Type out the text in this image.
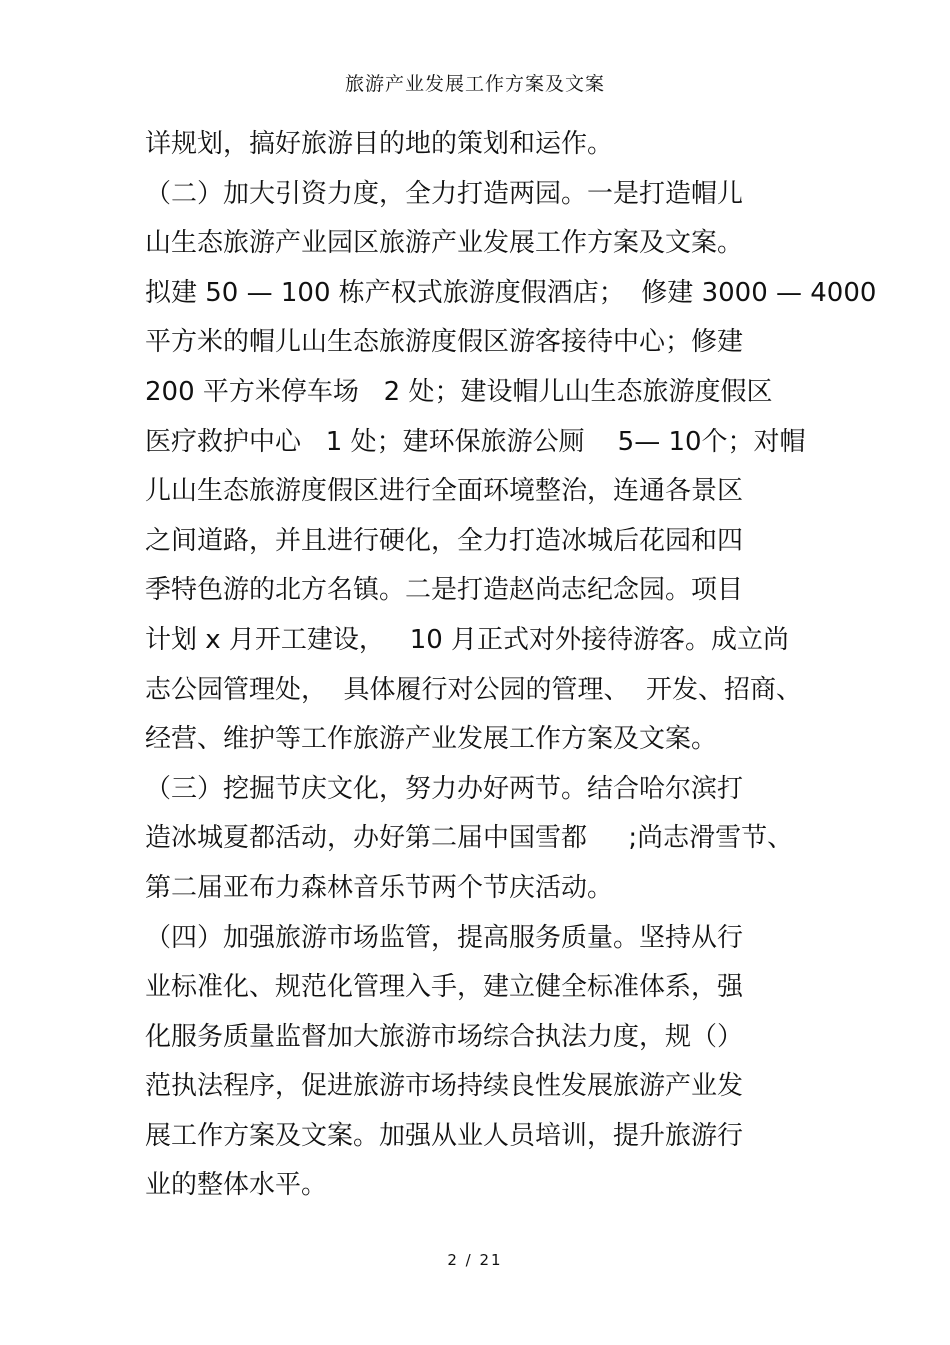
旅游产业发展工作方案及文案
详规划，搞好旅游目的地的策划和运作。
（二）加大引资力度，全力打造两园。一是打造帽儿
山生态旅游产业园区旅游产业发展工作方案及文案。
拟建 50 — 100 栋产权式旅游度假酒店；  修建 3000 — 4000
平方米的帽儿山生态旅游度假区游客接待中心；修建
200 平方米停车场   2 处；建设帽儿山生态旅游度假区
医疗救护中心   1 处；建环保旅游公厕    5— 10个；对帽
儿山生态旅游度假区进行全面环境整治，连通各景区
之间道路，并且进行硬化，全力打造冰城后花园和四
季特色游的北方名镇。二是打造赵尚志纪念园。项目
计划 x 月开工建设，   10 月正式对外接待游客。成立尚
志公园管理处，  具体履行对公园的管理、  开发、招商、
经营、维护等工作旅游产业发展工作方案及文案。
（三）挖掘节庆文化，努力办好两节。结合哈尔滨打
造冰城夏都活动，办好第二届中国雪都     ;尚志滑雪节、
第二届亚布力森林音乐节两个节庆活动。
（四）加强旅游市场监管，提高服务质量。坚持从行
业标准化、规范化管理入手，建立健全标准体系，强
化服务质量监督加大旅游市场综合执法力度，规（）
范执法程序，促进旅游市场持续良性发展旅游产业发
展工作方案及文案。加强从业人员培训，提升旅游行
业的整体水平。
2 / 21
